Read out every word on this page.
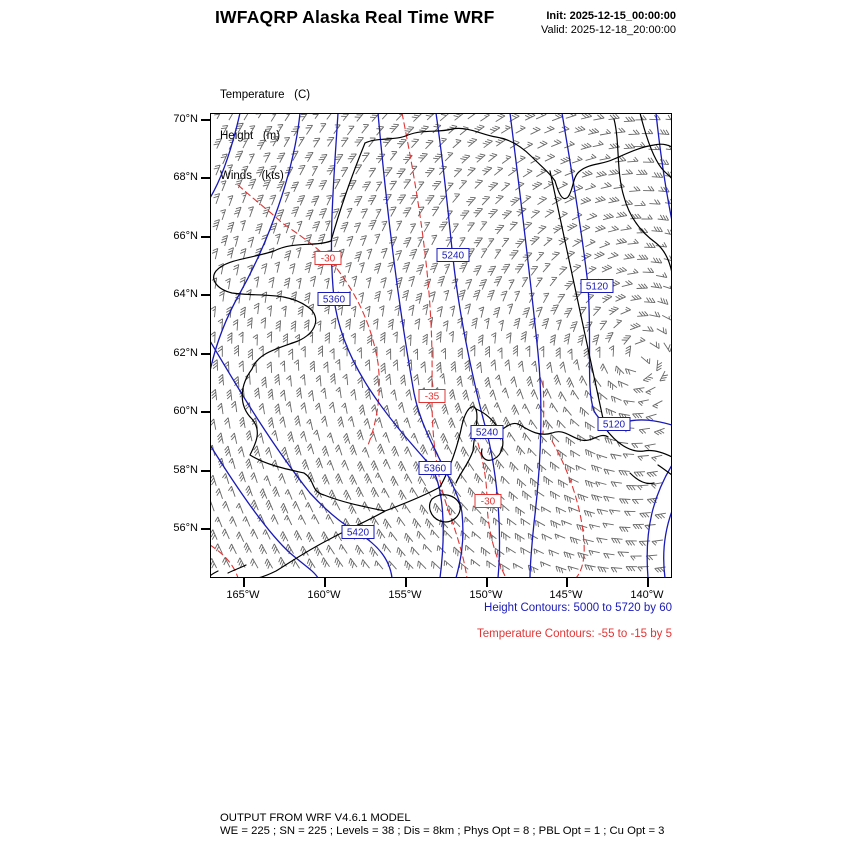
IWFAQRP Alaska Real Time WRF	Init: 2025-12-15_00:00:00
Valid: 2025-12-18_20:00:00

Temperature   (C)

Height   (m)

Winds   (kts)

5240
5360
5120
5120
5240
5360
5420
-30
-35
-30
70°N
68°N
66°N
64°N
62°N
60°N
58°N
56°N
165°W	160°W	155°W	150°W	145°W	140°W
Height Contours: 5000 to 5720 by 60
Temperature Contours: -55 to -15 by 5
OUTPUT FROM WRF V4.6.1 MODEL
WE = 225 ; SN = 225 ; Levels = 38 ; Dis = 8km ; Phys Opt = 8 ; PBL Opt = 1 ; Cu Opt = 3
